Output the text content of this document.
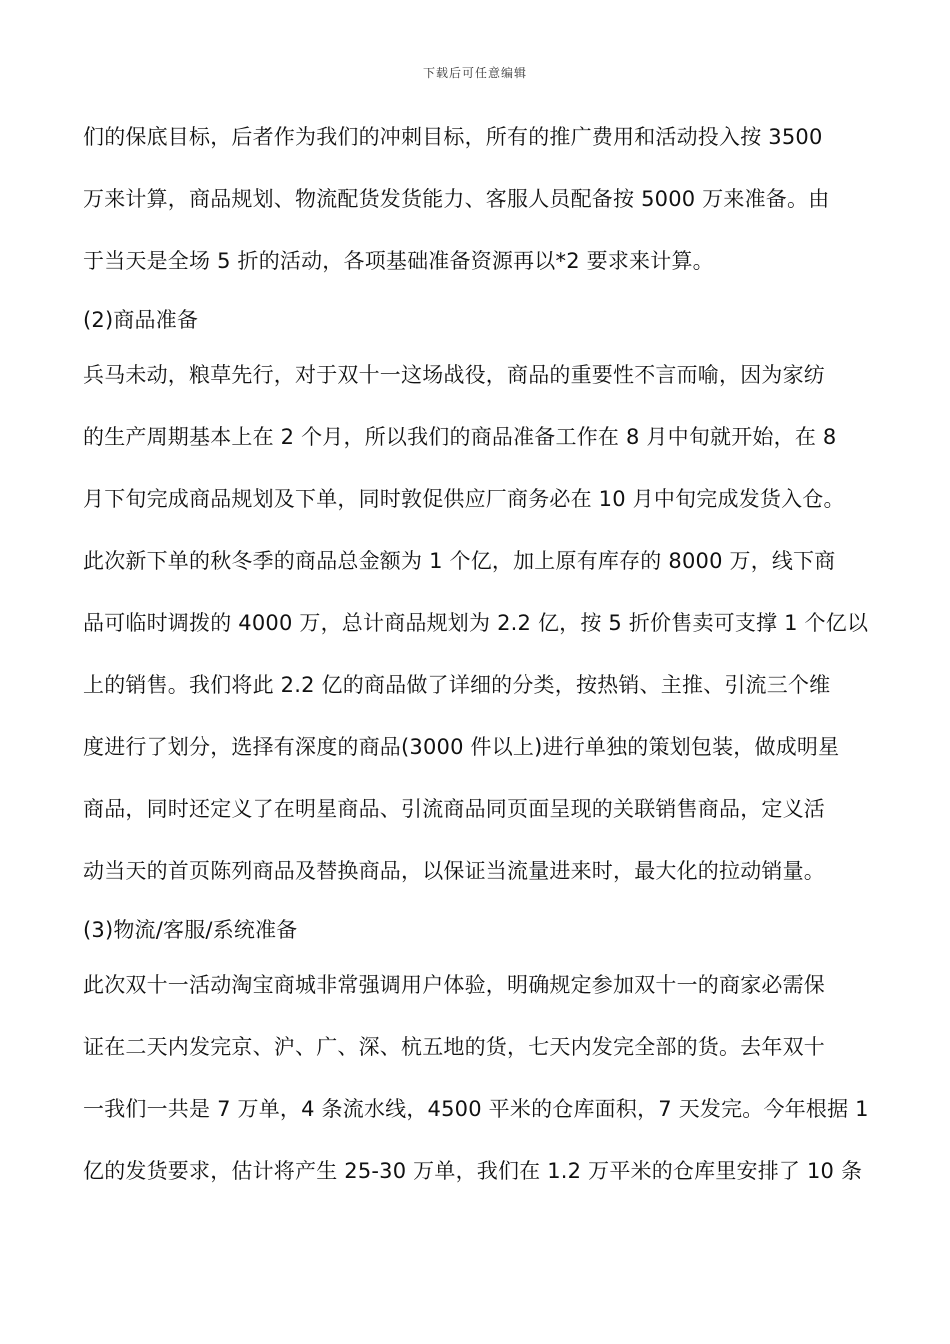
下载后可任意编辑
们的保底目标，后者作为我们的冲刺目标，所有的推广费用和活动投入按 3500
万来计算，商品规划、物流配货发货能力、客服人员配备按 5000 万来准备。由
于当天是全场 5 折的活动，各项基础准备资源再以*2 要求来计算。
(2)商品准备
兵马未动，粮草先行，对于双十一这场战役，商品的重要性不言而喻，因为家纺
的生产周期基本上在 2 个月，所以我们的商品准备工作在 8 月中旬就开始，在 8
月下旬完成商品规划及下单，同时敦促供应厂商务必在 10 月中旬完成发货入仓。
此次新下单的秋冬季的商品总金额为 1 个亿，加上原有库存的 8000 万，线下商
品可临时调拨的 4000 万，总计商品规划为 2.2 亿，按 5 折价售卖可支撑 1 个亿以
上的销售。我们将此 2.2 亿的商品做了详细的分类，按热销、主推、引流三个维
度进行了划分，选择有深度的商品(3000 件以上)进行单独的策划包装，做成明星
商品，同时还定义了在明星商品、引流商品同页面呈现的关联销售商品，定义活
动当天的首页陈列商品及替换商品，以保证当流量进来时，最大化的拉动销量。
(3)物流/客服/系统准备
此次双十一活动淘宝商城非常强调用户体验，明确规定参加双十一的商家必需保
证在二天内发完京、沪、广、深、杭五地的货，七天内发完全部的货。去年双十
一我们一共是 7 万单，4 条流水线，4500 平米的仓库面积，7 天发完。今年根据 1
亿的发货要求，估计将产生 25-30 万单，我们在 1.2 万平米的仓库里安排了 10 条
